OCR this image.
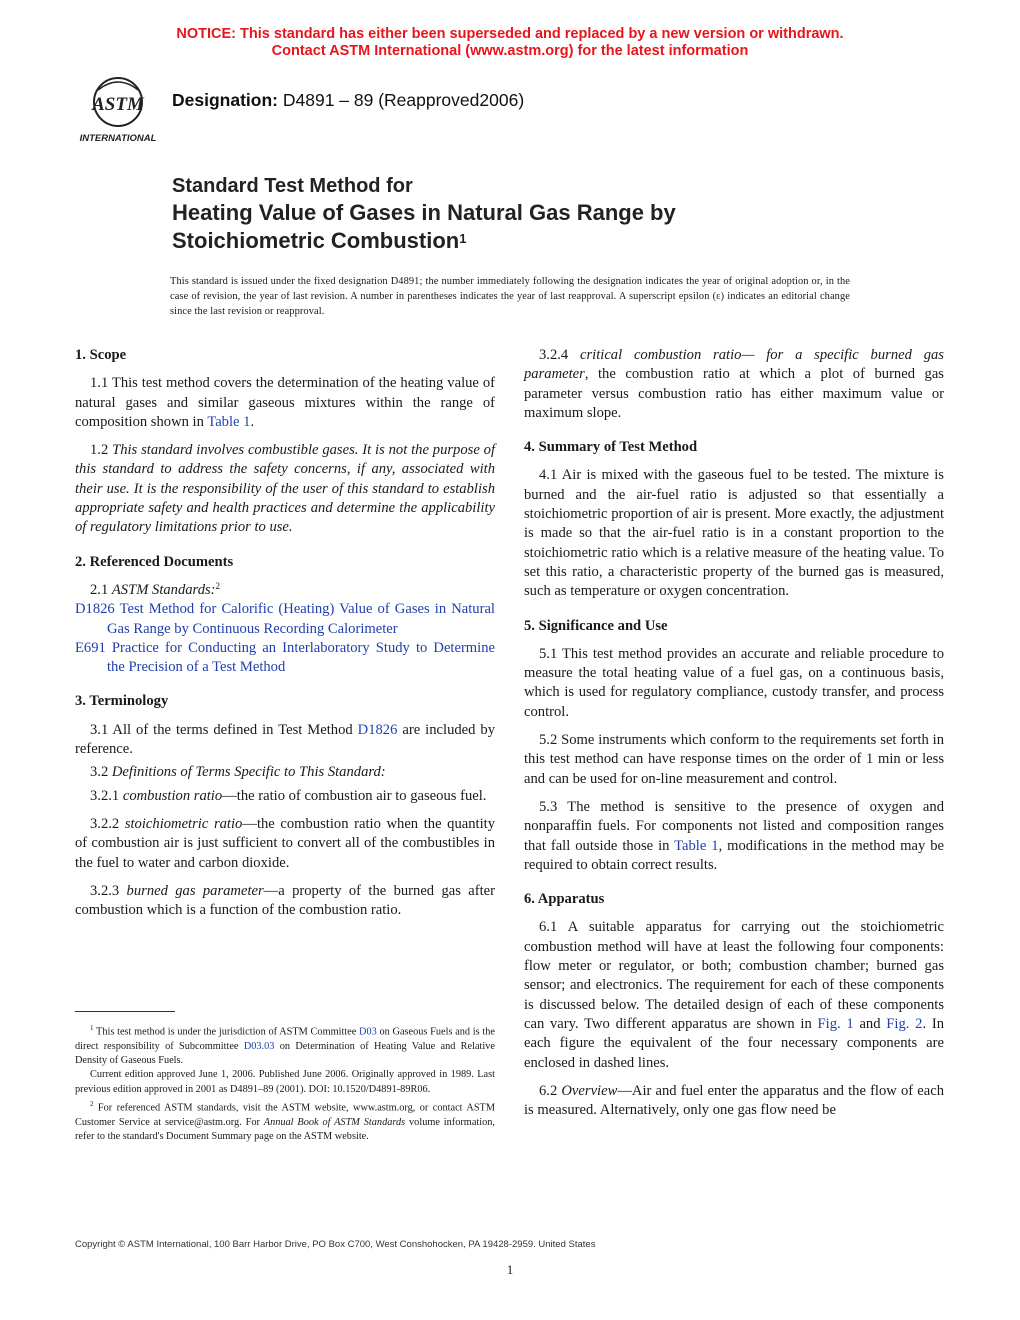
NOTICE: This standard has either been superseded and replaced by a new version or withdrawn.
Contact ASTM International (www.astm.org) for the latest information
ASTM
INTERNATIONAL
Designation: D4891 – 89 (Reapproved2006)
Standard Test Method for
Heating Value of Gases in Natural Gas Range by
Stoichiometric Combustion$^1$
This standard is issued under the fixed designation D4891; the number immediately following the designation indicates the year of original adoption or, in the case of revision, the year of last revision. A number in parentheses indicates the year of last reapproval. A superscript epsilon (ε) indicates an editorial change since the last revision or reapproval.
1. Scope

1.1 This test method covers the determination of the heating value of natural gases and similar gaseous mixtures within the range of composition shown in Table 1.

1.2 This standard involves combustible gases. It is not the purpose of this standard to address the safety concerns, if any, associated with their use. It is the responsibility of the user of this standard to establish appropriate safety and health practices and determine the applicability of regulatory limitations prior to use.

2. Referenced Documents

2.1 ASTM Standards:$^2$

D1826 Test Method for Calorific (Heating) Value of Gases in Natural Gas Range by Continuous Recording Calorimeter

E691 Practice for Conducting an Interlaboratory Study to Determine the Precision of a Test Method

3. Terminology

3.1 All of the terms defined in Test Method D1826 are included by reference.

3.2 Definitions of Terms Specific to This Standard:

3.2.1 combustion ratio—the ratio of combustion air to gaseous fuel.

3.2.2 stoichiometric ratio—the combustion ratio when the quantity of combustion air is just sufficient to convert all of the combustibles in the fuel to water and carbon dioxide.

3.2.3 burned gas parameter—a property of the burned gas after combustion which is a function of the combustion ratio.

$^1$ This test method is under the jurisdiction of ASTM Committee D03 on Gaseous Fuels and is the direct responsibility of Subcommittee D03.03 on Determination of Heating Value and Relative Density of Gaseous Fuels.

Current edition approved June 1, 2006. Published June 2006. Originally approved in 1989. Last previous edition approved in 2001 as D4891–89 (2001). DOI: 10.1520/D4891-89R06.

$^2$ For referenced ASTM standards, visit the ASTM website, www.astm.org, or contact ASTM Customer Service at service@astm.org. For Annual Book of ASTM Standards volume information, refer to the standard's Document Summary page on the ASTM website.

3.2.4 critical combustion ratio— for a specific burned gas parameter, the combustion ratio at which a plot of burned gas parameter versus combustion ratio has either maximum value or maximum slope.

4. Summary of Test Method

4.1 Air is mixed with the gaseous fuel to be tested. The mixture is burned and the air-fuel ratio is adjusted so that essentially a stoichiometric proportion of air is present. More exactly, the adjustment is made so that the air-fuel ratio is in a constant proportion to the stoichiometric ratio which is a relative measure of the heating value. To set this ratio, a characteristic property of the burned gas is measured, such as temperature or oxygen concentration.

5. Significance and Use

5.1 This test method provides an accurate and reliable procedure to measure the total heating value of a fuel gas, on a continuous basis, which is used for regulatory compliance, custody transfer, and process control.

5.2 Some instruments which conform to the requirements set forth in this test method can have response times on the order of 1 min or less and can be used for on-line measurement and control.

5.3 The method is sensitive to the presence of oxygen and nonparaffin fuels. For components not listed and composition ranges that fall outside those in Table 1, modifications in the method may be required to obtain correct results.

6. Apparatus

6.1 A suitable apparatus for carrying out the stoichiometric combustion method will have at least the following four components: flow meter or regulator, or both; combustion chamber; burned gas sensor; and electronics. The requirement for each of these components is discussed below. The detailed design of each of these components can vary. Two different apparatus are shown in Fig. 1 and Fig. 2. In each figure the equivalent of the four necessary components are enclosed in dashed lines.

6.2 Overview—Air and fuel enter the apparatus and the flow of each is measured. Alternatively, only one gas flow need be

Copyright © ASTM International, 100 Barr Harbor Drive, PO Box C700, West Conshohocken, PA 19428-2959. United States
1
